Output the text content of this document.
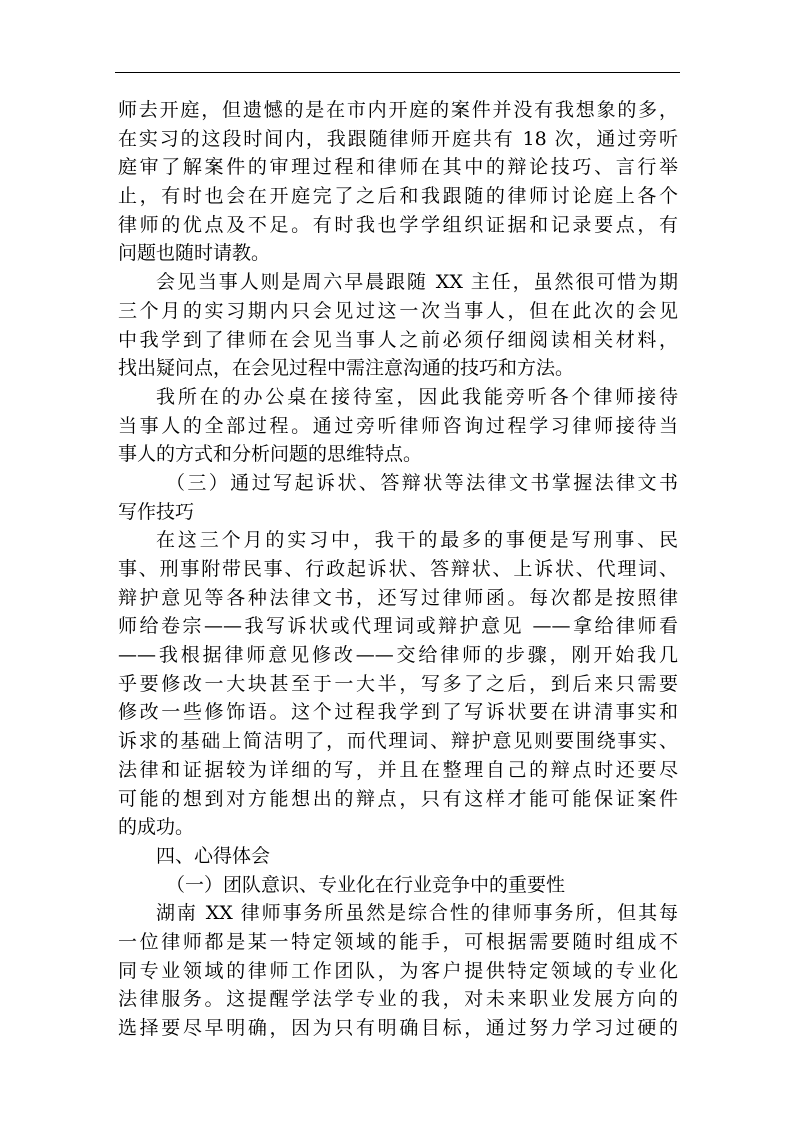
师去开庭，但遗憾的是在市内开庭的案件并没有我想象的多，
在实习的这段时间内，我跟随律师开庭共有 18 次，通过旁听
庭审了解案件的审理过程和律师在其中的辩论技巧、言行举
止，有时也会在开庭完了之后和我跟随的律师讨论庭上各个
律师的优点及不足。有时我也学学组织证据和记录要点，有
问题也随时请教。
会见当事人则是周六早晨跟随 XX 主任，虽然很可惜为期
三个月的实习期内只会见过这一次当事人，但在此次的会见
中我学到了律师在会见当事人之前必须仔细阅读相关材料，
找出疑问点，在会见过程中需注意沟通的技巧和方法。
我所在的办公桌在接待室，因此我能旁听各个律师接待
当事人的全部过程。通过旁听律师咨询过程学习律师接待当
事人的方式和分析问题的思维特点。
（三）通过写起诉状、答辩状等法律文书掌握法律文书
写作技巧
在这三个月的实习中，我干的最多的事便是写刑事、民
事、刑事附带民事、行政起诉状、答辩状、上诉状、代理词、
辩护意见等各种法律文书，还写过律师函。每次都是按照律
师给卷宗——我写诉状或代理词或辩护意见 ——拿给律师看
——我根据律师意见修改——交给律师的步骤，刚开始我几
乎要修改一大块甚至于一大半，写多了之后，到后来只需要
修改一些修饰语。这个过程我学到了写诉状要在讲清事实和
诉求的基础上简洁明了，而代理词、辩护意见则要围绕事实、
法律和证据较为详细的写，并且在整理自己的辩点时还要尽
可能的想到对方能想出的辩点，只有这样才能可能保证案件
的成功。
四、心得体会
（一）团队意识、专业化在行业竞争中的重要性
湖南 XX 律师事务所虽然是综合性的律师事务所，但其每
一位律师都是某一特定领域的能手，可根据需要随时组成不
同专业领域的律师工作团队，为客户提供特定领域的专业化
法律服务。这提醒学法学专业的我，对未来职业发展方向的
选择要尽早明确，因为只有明确目标，通过努力学习过硬的
